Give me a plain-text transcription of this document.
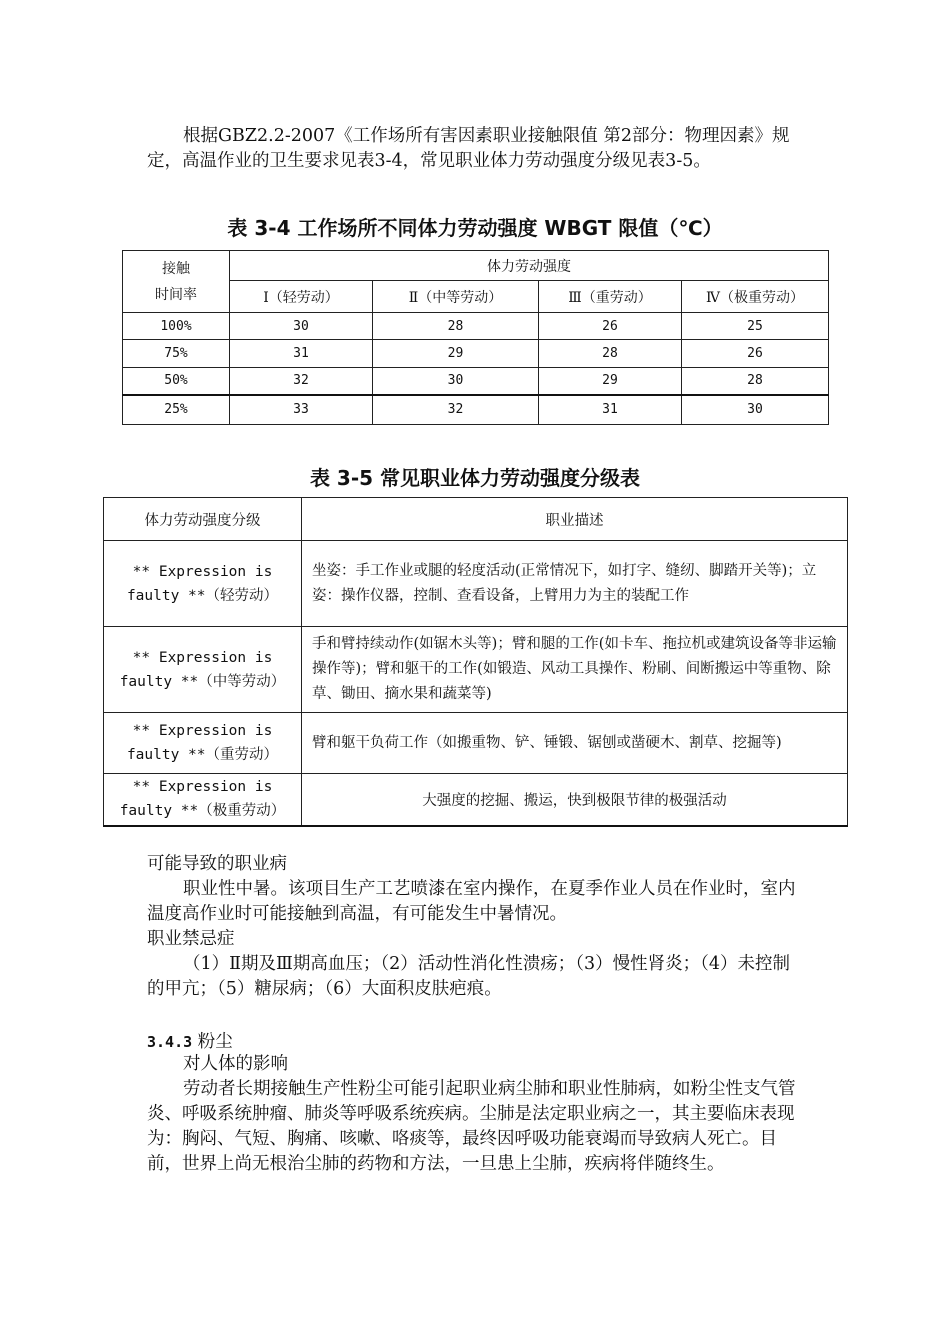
根据GBZ2.2-2007《工作场所有害因素职业接触限值 第2部分：物理因素》规定，高温作业的卫生要求见表3-4，常见职业体力劳动强度分级见表3-5。

表 3-4 工作场所不同体力劳动强度 WBGT 限值（℃）

接触
时间率	体力劳动强度			
	Ⅰ（轻劳动）	Ⅱ（中等劳动）	Ⅲ（重劳动）	Ⅳ（极重劳动）
100%	30	28	26	25
75%	31	29	28	26
50%	32	30	29	28
25%	33	32	31	30

表 3-5 常见职业体力劳动强度分级表

体力劳动强度分级	职业描述
** Expression is faulty **（轻劳动）	坐姿：手工作业或腿的轻度活动(正常情况下，如打字、缝纫、脚踏开关等)；立姿：操作仪器，控制、查看设备，上臂用力为主的装配工作
** Expression is faulty **（中等劳动）	手和臂持续动作(如锯木头等)；臂和腿的工作(如卡车、拖拉机或建筑设备等非运输操作等)；臂和躯干的工作(如锻造、风动工具操作、粉刷、间断搬运中等重物、除草、锄田、摘水果和蔬菜等)
** Expression is faulty **（重劳动）	臂和躯干负荷工作（如搬重物、铲、锤锻、锯刨或凿硬木、割草、挖掘等)
** Expression is faulty **（极重劳动）	大强度的挖掘、搬运，快到极限节律的极强活动

可能导致的职业病

职业性中暑。该项目生产工艺喷漆在室内操作，在夏季作业人员在作业时，室内温度高作业时可能接触到高温，有可能发生中暑情况。

职业禁忌症

（1）Ⅱ期及Ⅲ期高血压；（2）活动性消化性溃疡；（3）慢性肾炎；（4）未控制的甲亢；（5）糖尿病；（6）大面积皮肤疤痕。

3.4.3 粉尘

对人体的影响

劳动者长期接触生产性粉尘可能引起职业病尘肺和职业性肺病，如粉尘性支气管炎、呼吸系统肿瘤、肺炎等呼吸系统疾病。尘肺是法定职业病之一，其主要临床表现为：胸闷、气短、胸痛、咳嗽、咯痰等，最终因呼吸功能衰竭而导致病人死亡。目前，世界上尚无根治尘肺的药物和方法，一旦患上尘肺，疾病将伴随终生。
